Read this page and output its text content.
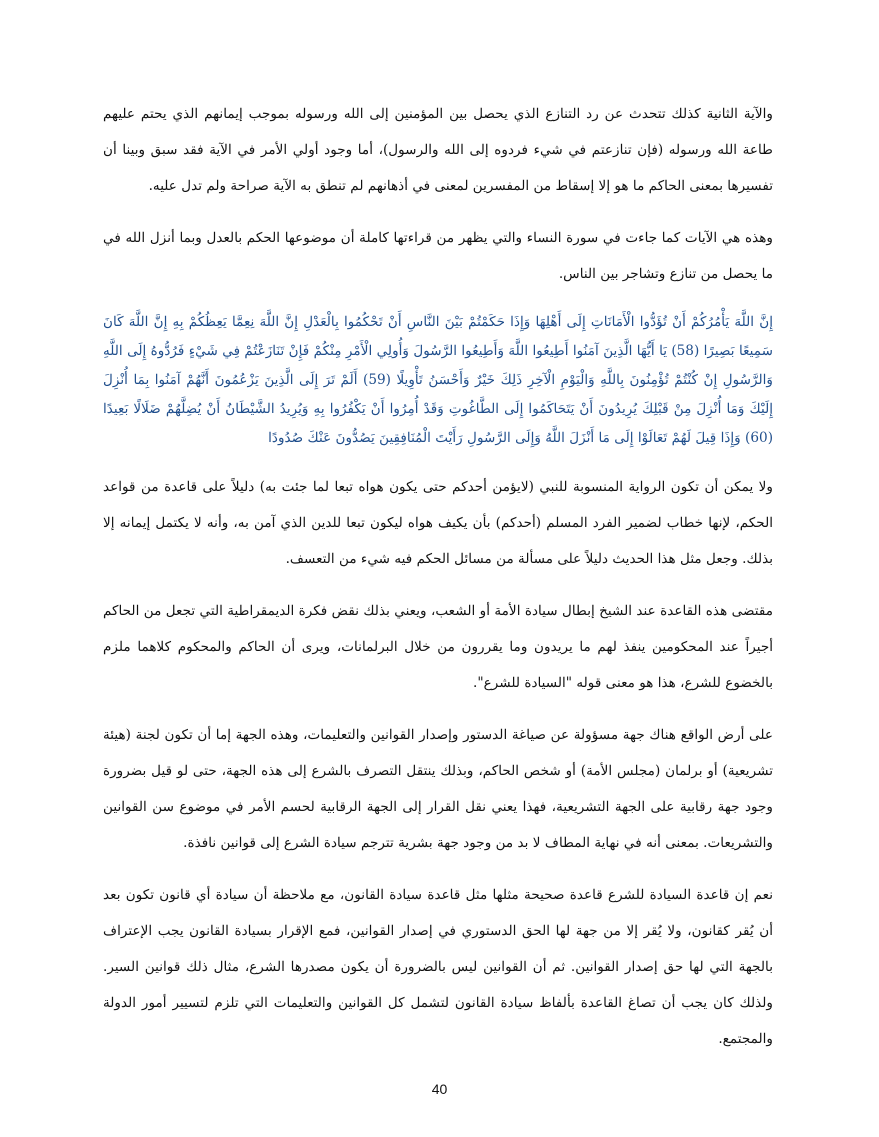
والآية الثانية كذلك تتحدث عن رد التنازع الذي يحصل بين المؤمنين إلى الله ورسوله بموجب إيمانهم الذي يحتم عليهم طاعة الله ورسوله (فإن تنازعتم في شيء فردوه إلى الله والرسول)، أما وجود أولي الأمر في الآية فقد سبق وبينا أن تفسيرها بمعنى الحاكم ما هو إلا إسقاط من المفسرين لمعنى في أذهانهم لم تنطق به الآية صراحة ولم تدل عليه.

وهذه هي الآيات كما جاءت في سورة النساء والتي يظهر من قراءتها كاملة أن موضوعها الحكم بالعدل وبما أنزل الله في ما يحصل من تنازع وتشاجر بين الناس.

إِنَّ اللَّهَ يَأْمُرُكُمْ أَنْ تُؤَدُّوا الْأَمَانَاتِ إِلَى أَهْلِهَا وَإِذَا حَكَمْتُمْ بَيْنَ النَّاسِ أَنْ تَحْكُمُوا بِالْعَدْلِ إِنَّ اللَّهَ نِعِمَّا يَعِظُكُمْ بِهِ إِنَّ اللَّهَ كَانَ سَمِيعًا بَصِيرًا (58) يَا أَيُّهَا الَّذِينَ آمَنُوا أَطِيعُوا اللَّهَ وَأَطِيعُوا الرَّسُولَ وَأُولِي الْأَمْرِ مِنْكُمْ فَإِنْ تَنَازَعْتُمْ فِي شَيْءٍ فَرُدُّوهُ إِلَى اللَّهِ وَالرَّسُولِ إِنْ كُنْتُمْ تُؤْمِنُونَ بِاللَّهِ وَالْيَوْمِ الْآخِرِ ذَلِكَ خَيْرٌ وَأَحْسَنُ تَأْوِيلًا (59) أَلَمْ تَرَ إِلَى الَّذِينَ يَزْعُمُونَ أَنَّهُمْ آمَنُوا بِمَا أُنْزِلَ إِلَيْكَ وَمَا أُنْزِلَ مِنْ قَبْلِكَ يُرِيدُونَ أَنْ يَتَحَاكَمُوا إِلَى الطَّاغُوتِ وَقَدْ أُمِرُوا أَنْ يَكْفُرُوا بِهِ وَيُرِيدُ الشَّيْطَانُ أَنْ يُضِلَّهُمْ ضَلَالًا بَعِيدًا (60) وَإِذَا قِيلَ لَهُمْ تَعَالَوْا إِلَى مَا أَنْزَلَ اللَّهُ وَإِلَى الرَّسُولِ رَأَيْتَ الْمُنَافِقِينَ يَصُدُّونَ عَنْكَ صُدُودًا

ولا يمكن أن تكون الرواية المنسوبة للنبي (لايؤمن أحدكم حتى يكون هواه تبعا لما جئت به) دليلاً على قاعدة من قواعد الحكم، لإنها خطاب لضمير الفرد المسلم (أحدكم) بأن يكيف هواه ليكون تبعا للدين الذي آمن به، وأنه لا يكتمل إيمانه إلا بذلك. وجعل مثل هذا الحديث دليلاً على مسألة من مسائل الحكم فيه شيء من التعسف.

مقتضى هذه القاعدة عند الشيخ إبطال سيادة الأمة أو الشعب، ويعني بذلك نقض فكرة الديمقراطية التي تجعل من الحاكم أجيراً عند المحكومين ينفذ لهم ما يريدون وما يقررون من خلال البرلمانات، ويرى أن الحاكم والمحكوم كلاهما ملزم بالخضوع للشرع، هذا هو معنى قوله "السيادة للشرع".

على أرض الواقع هناك جهة مسؤولة عن صياغة الدستور وإصدار القوانين والتعليمات، وهذه الجهة إما أن تكون لجنة (هيئة تشريعية) أو برلمان (مجلس الأمة) أو شخص الحاكم، وبذلك ينتقل التصرف بالشرع إلى هذه الجهة، حتى لو قيل بضرورة وجود جهة رقابية على الجهة التشريعية، فهذا يعني نقل القرار إلى الجهة الرقابية لحسم الأمر في موضوع سن القوانين والتشريعات. بمعنى أنه في نهاية المطاف لا بد من وجود جهة بشرية تترجم سيادة الشرع إلى قوانين نافذة.

نعم إن قاعدة السيادة للشرع قاعدة صحيحة مثلها مثل قاعدة سيادة القانون، مع ملاحظة أن سيادة أي قانون تكون بعد أن يُقر كقانون، ولا يُقر إلا من جهة لها الحق الدستوري في إصدار القوانين، فمع الإقرار بسيادة القانون يجب الإعتراف بالجهة التي لها حق إصدار القوانين. ثم أن القوانين ليس بالضرورة أن يكون مصدرها الشرع، مثال ذلك قوانين السير. ولذلك كان يجب أن تصاغ القاعدة بألفاظ سيادة القانون لتشمل كل القوانين والتعليمات التي تلزم لتسيير أمور الدولة والمجتمع.

40
